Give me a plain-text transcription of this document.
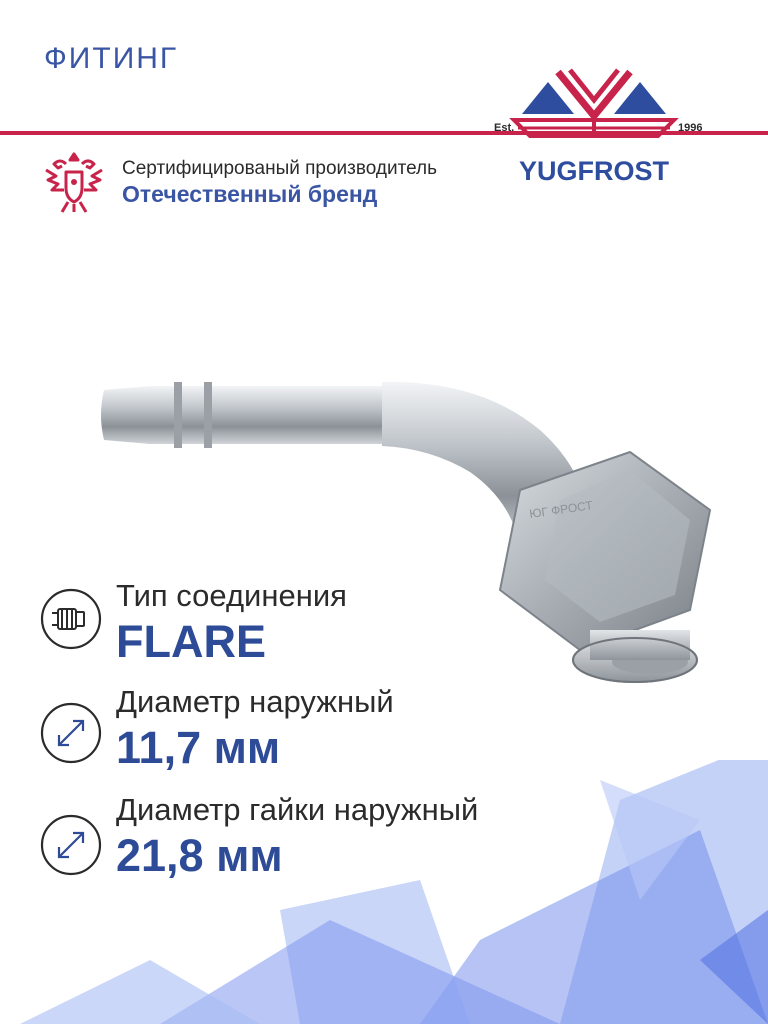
ФИТИНГ
Est.	1996
YUGFROST
Сертифицированый производитель
Отечественный бренд
ЮГ ФРОСТ
Тип соединения
FLARE
Диаметр наружный
11,7 мм
Диаметр гайки наружный
21,8 мм
